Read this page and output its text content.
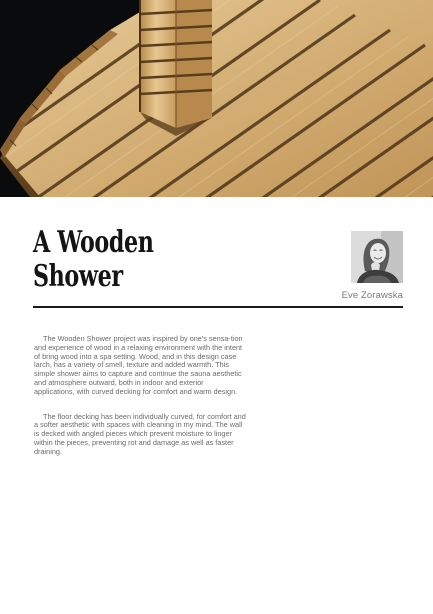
A Wooden
Shower
Eve Zorawska

The Wooden Shower project was inspired by one's sensa-tion and experience of wood in a relaxing environment with the intent of bring wood into a spa setting. Wood, and in this design case larch, has a variety of smell, texture and added warmth. This simple shower aims to capture and continue the sauna aesthetic and atmosphere outward, both in indoor and exterior applications, with curved decking for comfort and warm design.

The floor decking has been individually curved, for comfort and a softer aesthetic with spaces with cleaning in my mind. The wall is decked with angled pieces which prevent moisture to linger within the pieces, preventing rot and damage as well as faster draining.
